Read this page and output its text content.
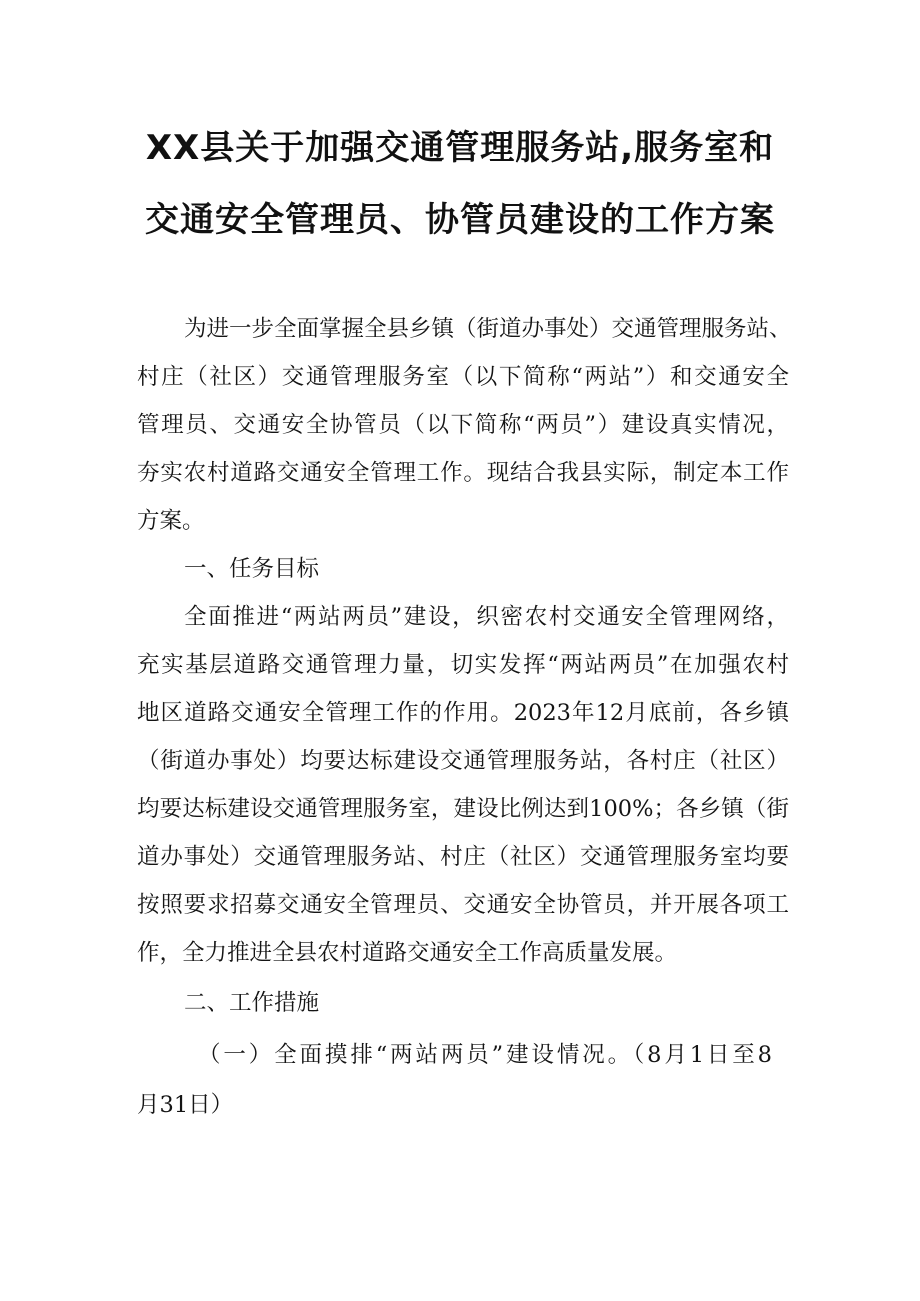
XX县关于加强交通管理服务站,服务室和
交通安全管理员、协管员建设的工作方案
为进一步全面掌握全县乡镇（街道办事处）交通管理服务站、
村庄（社区）交通管理服务室（以下简称“两站”）和交通安全
管理员、交通安全协管员（以下简称“两员”）建设真实情况，
夯实农村道路交通安全管理工作。现结合我县实际，制定本工作
方案。
一、任务目标
全面推进“两站两员”建设，织密农村交通安全管理网络，
充实基层道路交通管理力量，切实发挥“两站两员”在加强农村
地区道路交通安全管理工作的作用。2023年12月底前，各乡镇
（街道办事处）均要达标建设交通管理服务站，各村庄（社区）
均要达标建设交通管理服务室，建设比例达到100%；各乡镇（街
道办事处）交通管理服务站、村庄（社区）交通管理服务室均要
按照要求招募交通安全管理员、交通安全协管员，并开展各项工
作，全力推进全县农村道路交通安全工作高质量发展。
二、工作措施
（一）全面摸排“两站两员”建设情况。（8月1日至8
月31日）
